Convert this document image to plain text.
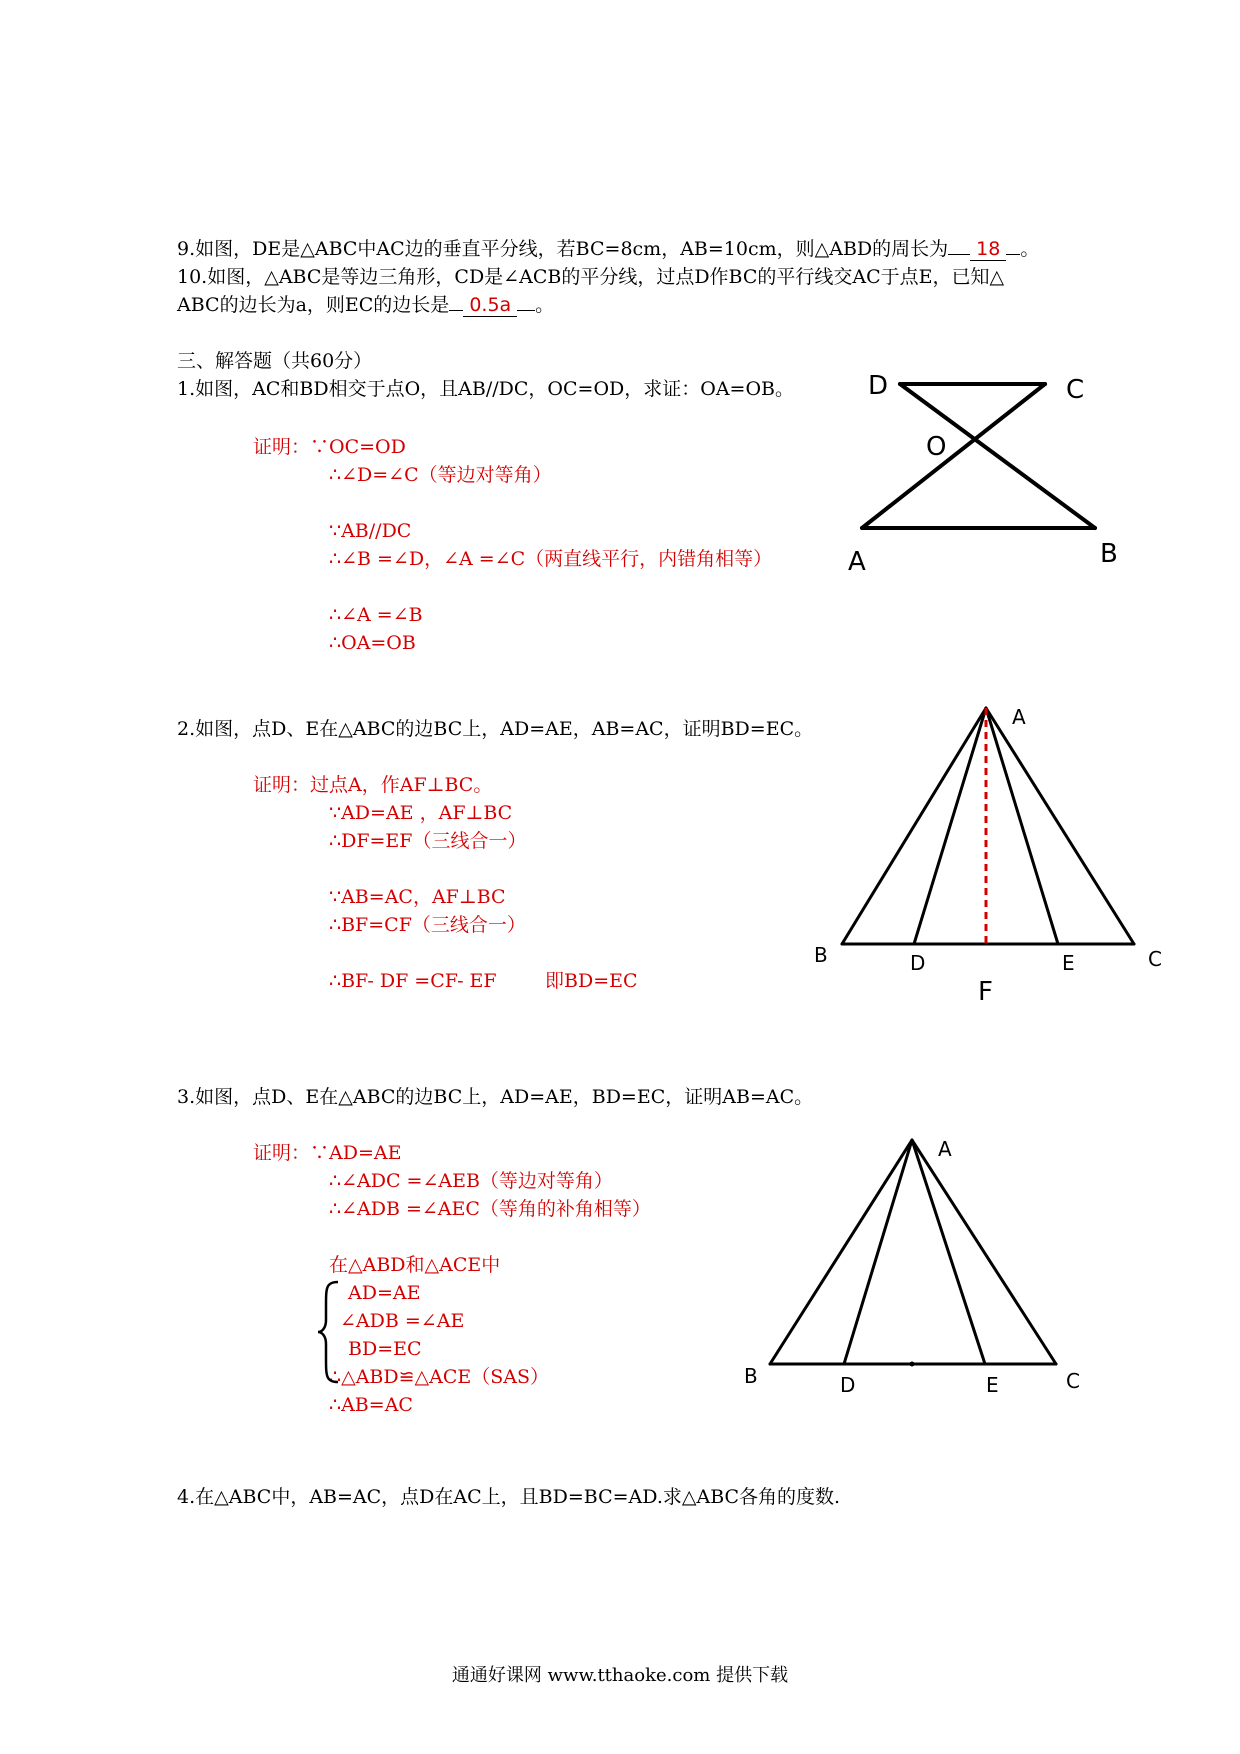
9.如图，DE是△ABC中AC边的垂直平分线，若BC=8cm，AB=10cm，则△ABD的周长为 18 。
10.如图，△ABC是等边三角形，CD是∠ACB的平分线，过点D作BC的平行线交AC于点E，已知△
ABC的边长为a，则EC的边长是 0.5a 。
三、解答题（共60分）
1.如图，AC和BD相交于点O，且AB//DC，OC=OD，求证：OA=OB。
证明：∵OC=OD
∴∠D=∠C（等边对等角）
∵AB//DC
∴∠B =∠D，∠A =∠C（两直线平行，内错角相等）
∴∠A =∠B
∴OA=OB
D	C
O
A	B
2.如图，点D、E在△ABC的边BC上，AD=AE，AB=AC，证明BD=EC。
证明：过点A，作AF⊥BC。
∵AD=AE ，AF⊥BC
∴DF=EF（三线合一）
∵AB=AC，AF⊥BC
∴BF=CF（三线合一）
∴BF- DF =CF- EF	即BD=EC
A
B	D	E	C
F
3.如图，点D、E在△ABC的边BC上，AD=AE，BD=EC，证明AB=AC。
证明：∵AD=AE
∴∠ADC =∠AEB（等边对等角）
∴∠ADB =∠AEC（等角的补角相等）
在△ABD和△ACE中
AD=AE
∠ADB =∠AE
BD=EC
∴△ABD≌△ACE（SAS）
∴AB=AC
A
B	D	E	C
4.在△ABC中，AB=AC，点D在AC上，且BD=BC=AD.求△ABC各角的度数.
通通好课网 www.tthaoke.com 提供下载
